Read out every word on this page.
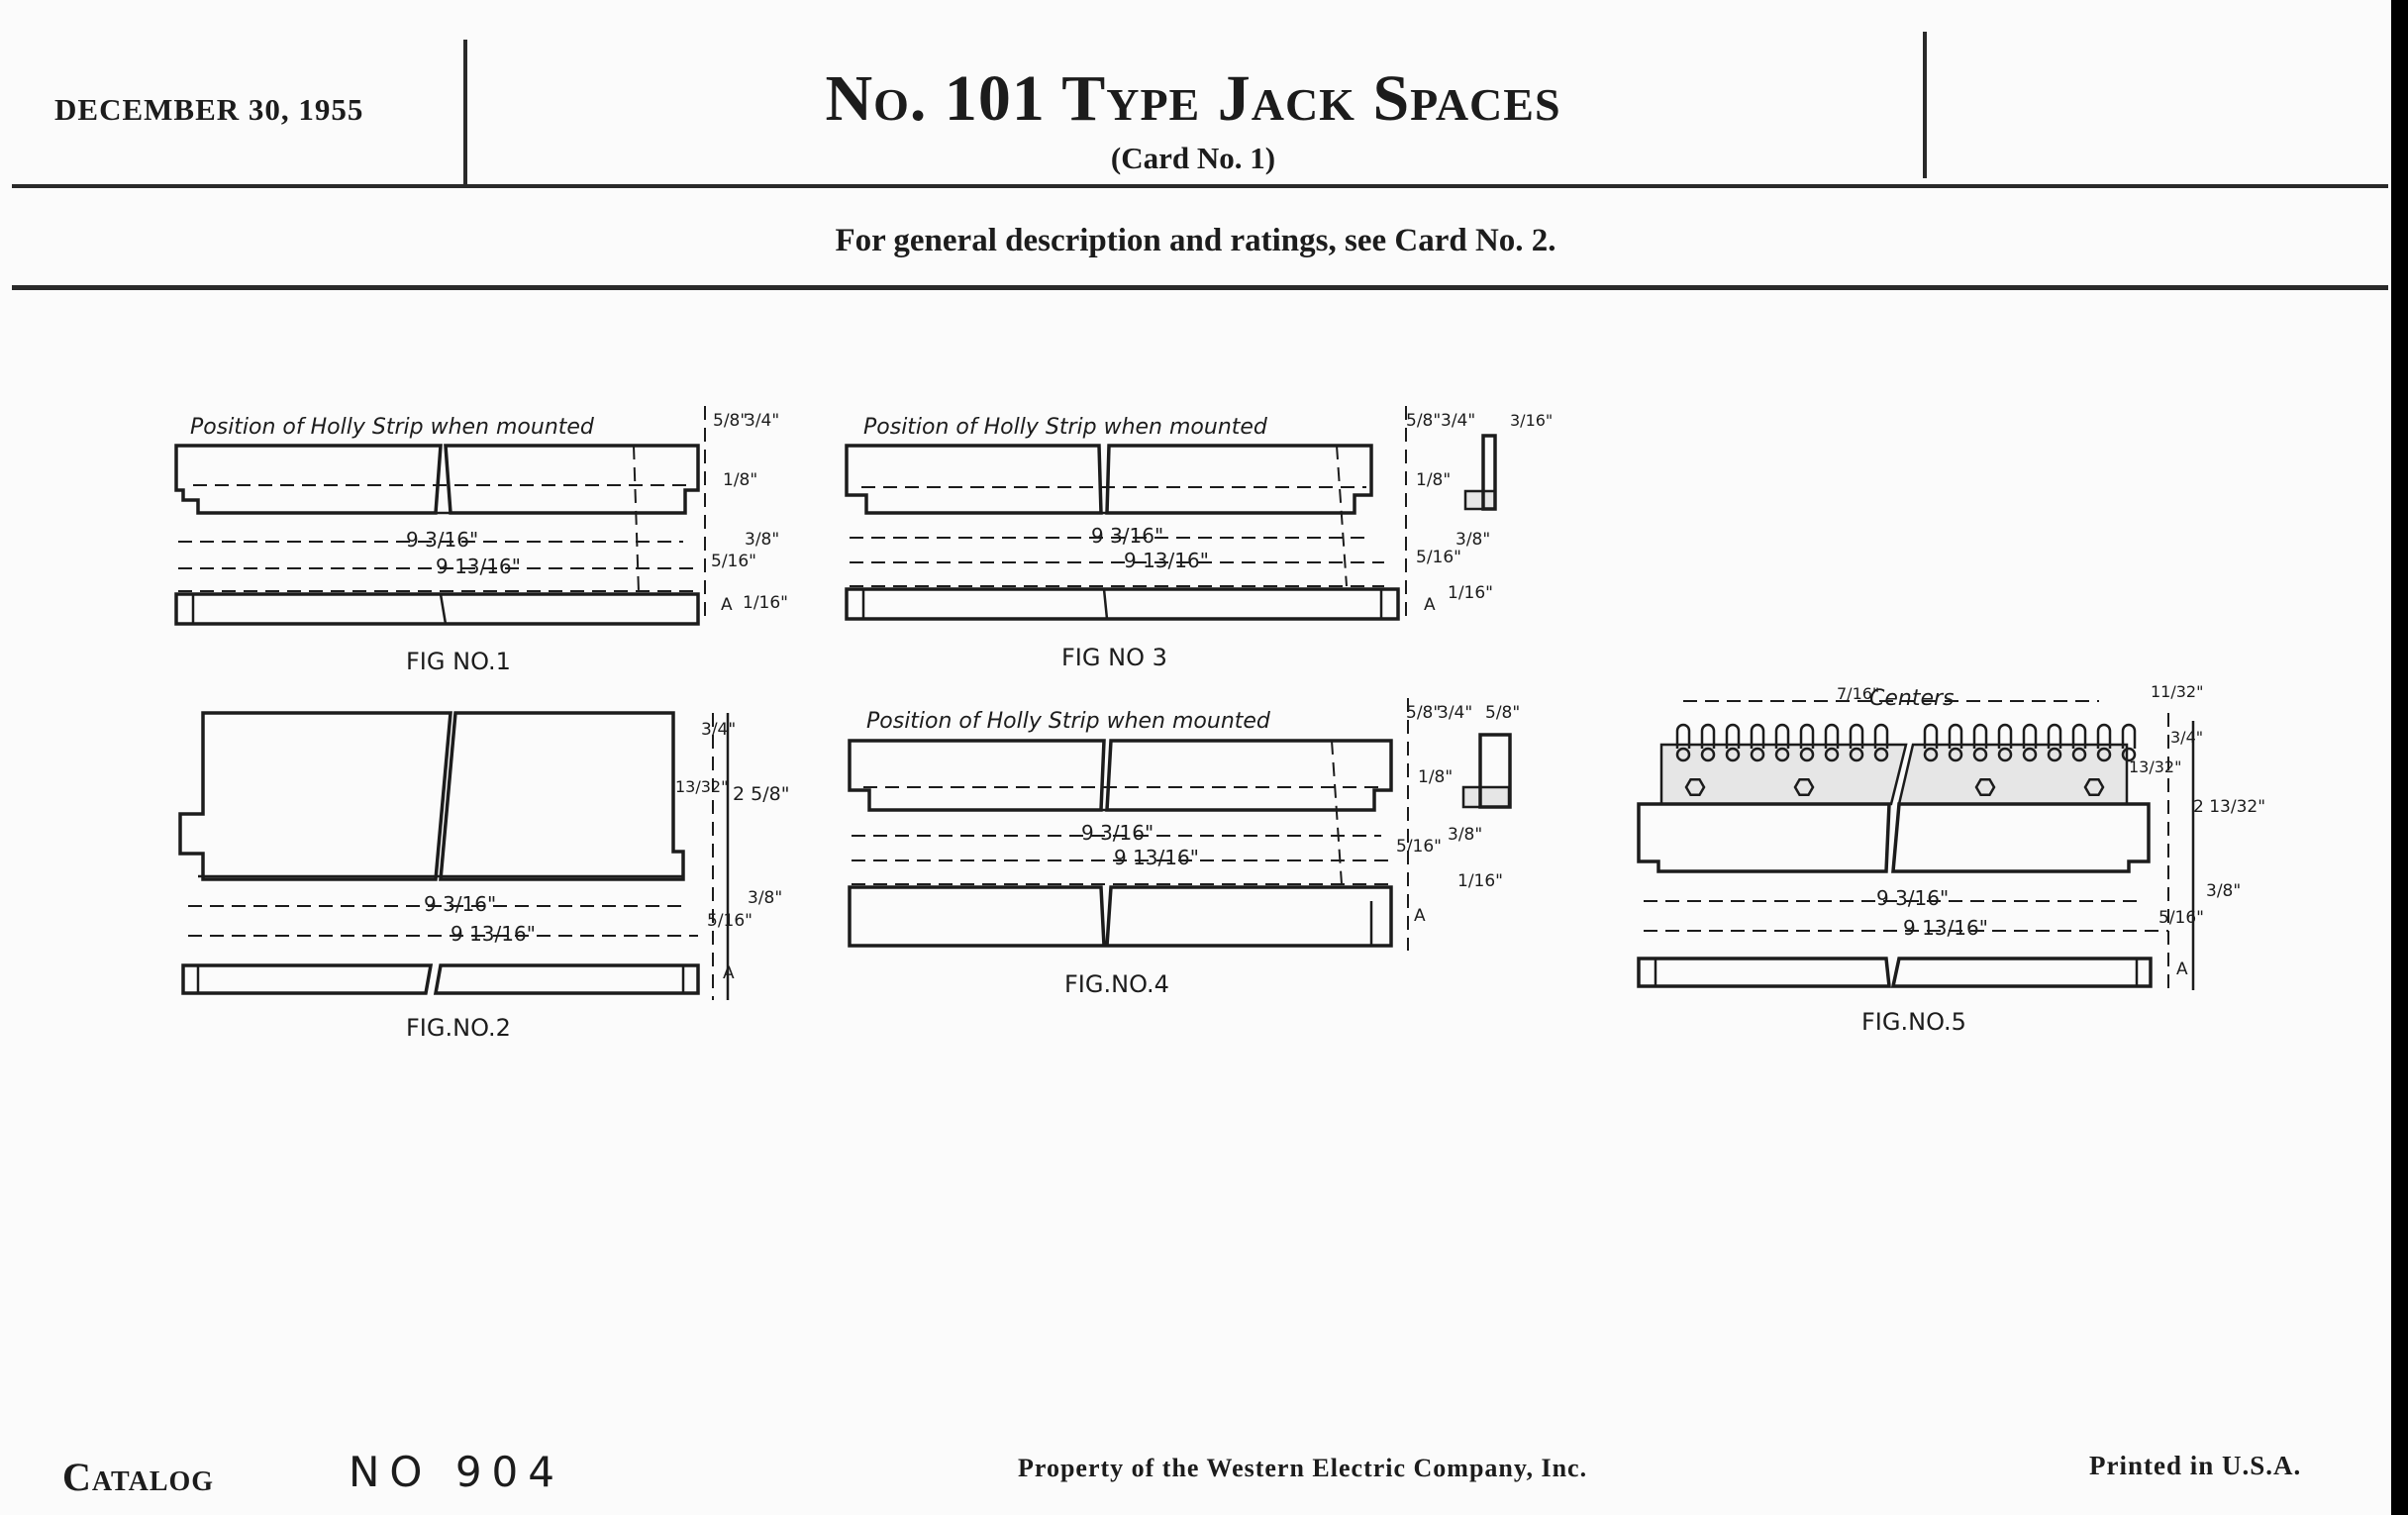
DECEMBER 30, 1955	No. 101 Type Jack Spaces
(Card No. 1)
For general description and ratings, see Card No. 2.
Position of Holly Strip when mounted
9 3/16"
9 13/16"
5/8"
3/4"
1/8"
3/8"
5/16"
1/16"
A
FIG NO.1
9 3/16"
9 13/16"
3/4"
13/32" 2 5/8"
3/8"
5/16"
A
FIG.NO.2
Position of Holly Strip when mounted
9 3/16"
9 13/16"
5/8" 3/4" 3/16"
1/8"
3/8"
5/16"
1/16"
A
FIG NO 3
Position of Holly Strip when mounted
9 3/16"
9 13/16"
5/8"
3/4" 5/8"
1/8"
3/8"
5/16"
1/16"
A
FIG.NO.4
7/16"
Centers	11/32"
9 3/16"
9 13/16"
3/4"
13/32"
2 13/32"
3/8"
5/16"
A
FIG.NO.5
Catalog	NO 904	Property of the Western Electric Company, Inc.	Printed in U.S.A.
